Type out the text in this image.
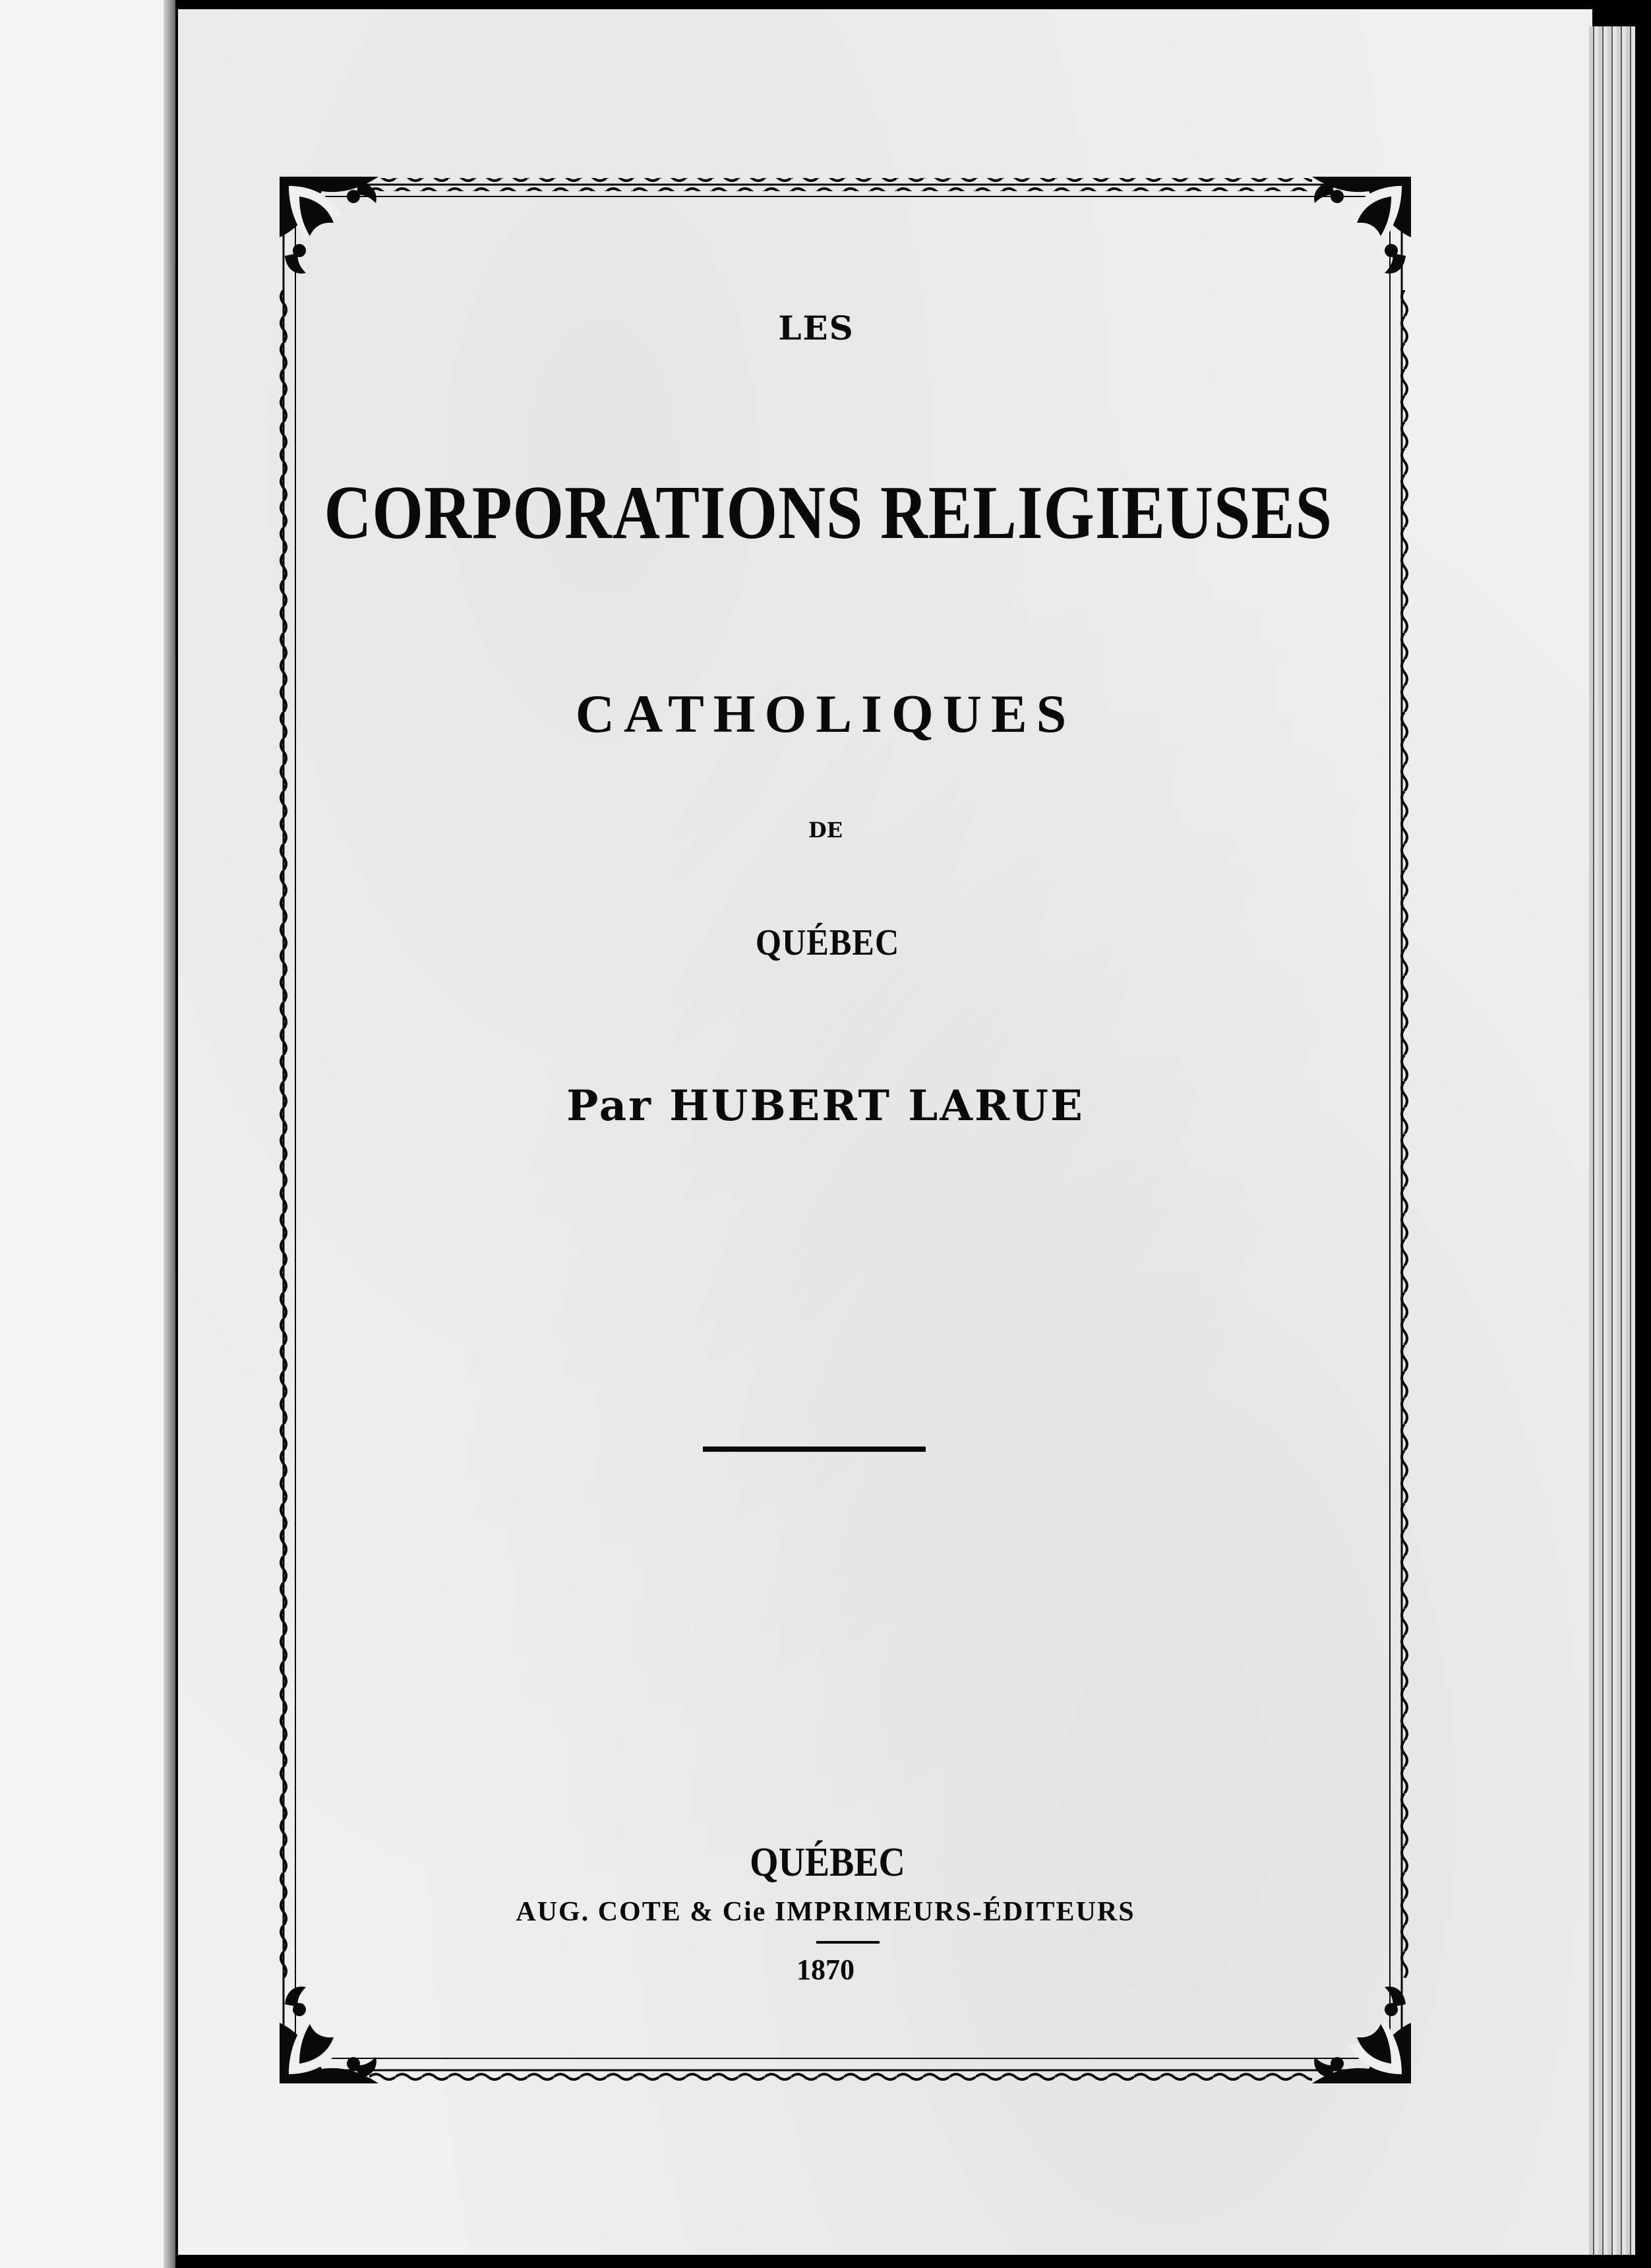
LES

CORPORATIONS RELIGIEUSES

CATHOLIQUES

DE

QUÉBEC

Par HUBERT LARUE

QUÉBEC

AUG. COTE & Cie IMPRIMEURS-ÉDITEURS

1870
